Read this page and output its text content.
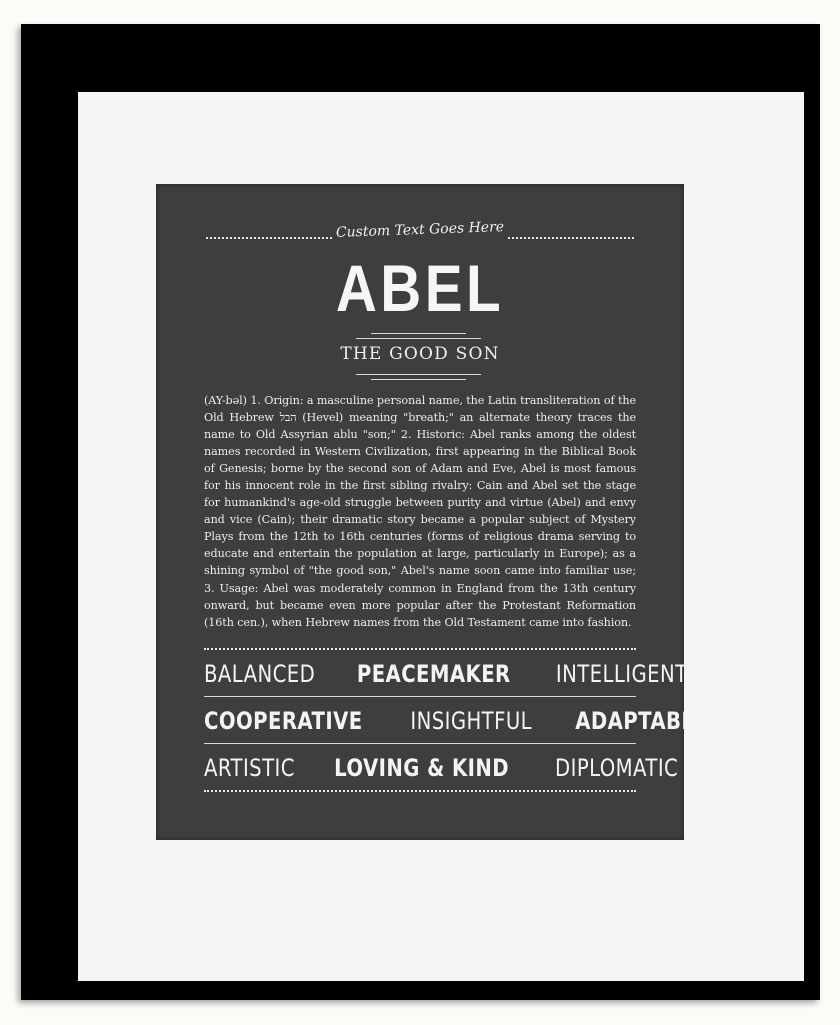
Custom Text Goes Here
ABEL
THE GOOD SON
(AY-bəl) 1. Origin: a masculine personal name, the Latin transliteration of the Old Hebrew הבל (Hevel) meaning "breath;" an alternate theory traces the name to Old Assyrian ablu "son;" 2. Historic: Abel ranks among the oldest names recorded in Western Civilization, first appearing in the Biblical Book of Genesis; borne by the second son of Adam and Eve, Abel is most famous for his innocent role in the first sibling rivalry: Cain and Abel set the stage for humankind's age-old struggle between purity and virtue (Abel) and envy and vice (Cain); their dramatic story became a popular subject of Mystery Plays from the 12th to 16th centuries (forms of religious drama serving to educate and entertain the population at large, particularly in Europe); as a shining symbol of "the good son," Abel's name soon came into familiar use; 3. Usage: Abel was moderately common in England from the 13th century onward, but became even more popular after the Protestant Reformation (16th cen.), when Hebrew names from the Old Testament came into fashion.
BALANCED PEACEMAKER INTELLIGENT
COOPERATIVE INSIGHTFUL ADAPTABLE
ARTISTIC LOVING & KIND DIPLOMATIC
